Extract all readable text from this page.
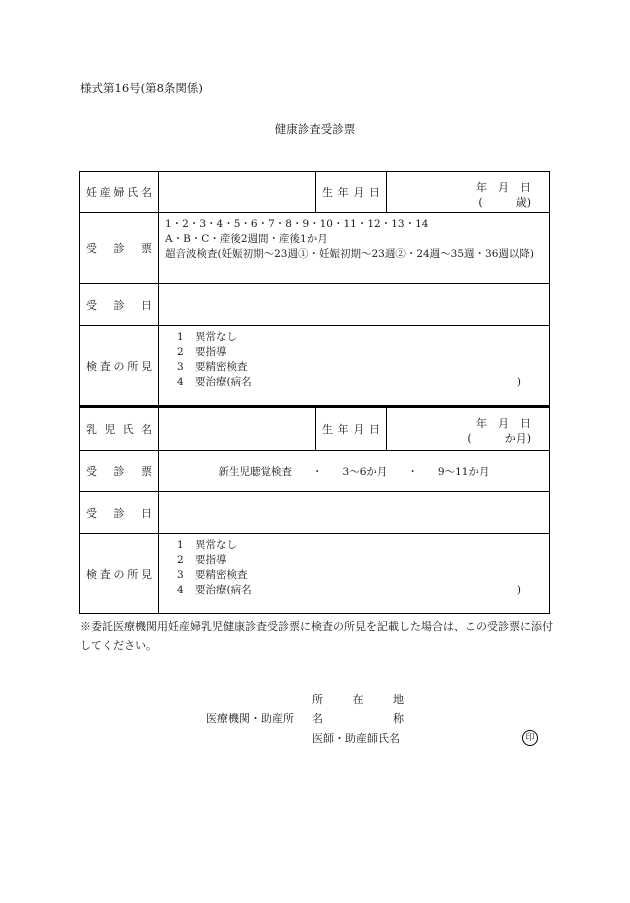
様式第16号(第8条関係)
健康診査受診票
妊 産 婦 氏 名	生 年 月 日	年　月　日
(　　　歳)
受 診 票
1・2・3・4・5・6・7・8・9・10・11・12・13・14
A・B・C・産後2週間・産後1か月
超音波検査(妊娠初期〜23週①・妊娠初期〜23週②・24週〜35週・36週以降)
受 診 日
検 査 の 所 見
1	異常なし
2	要指導
3	要精密検査
4	要治療(病名	)
乳 児 氏 名	生 年 月 日	年　月　日
(　　　か月)
受 診 票	新生児聴覚検査 ・ 3〜6か月 ・ 9〜11か月
受 診 日
検 査 の 所 見
1	異常なし
2	要指導
3	要精密検査
4	要治療(病名	)
※委託医療機関用妊産婦乳児健康診査受診票に検査の所見を記載した場合は、この受診票に添付してください。
所	在	地
医療機関・助産所 名	称
医師・助産師氏名	印
